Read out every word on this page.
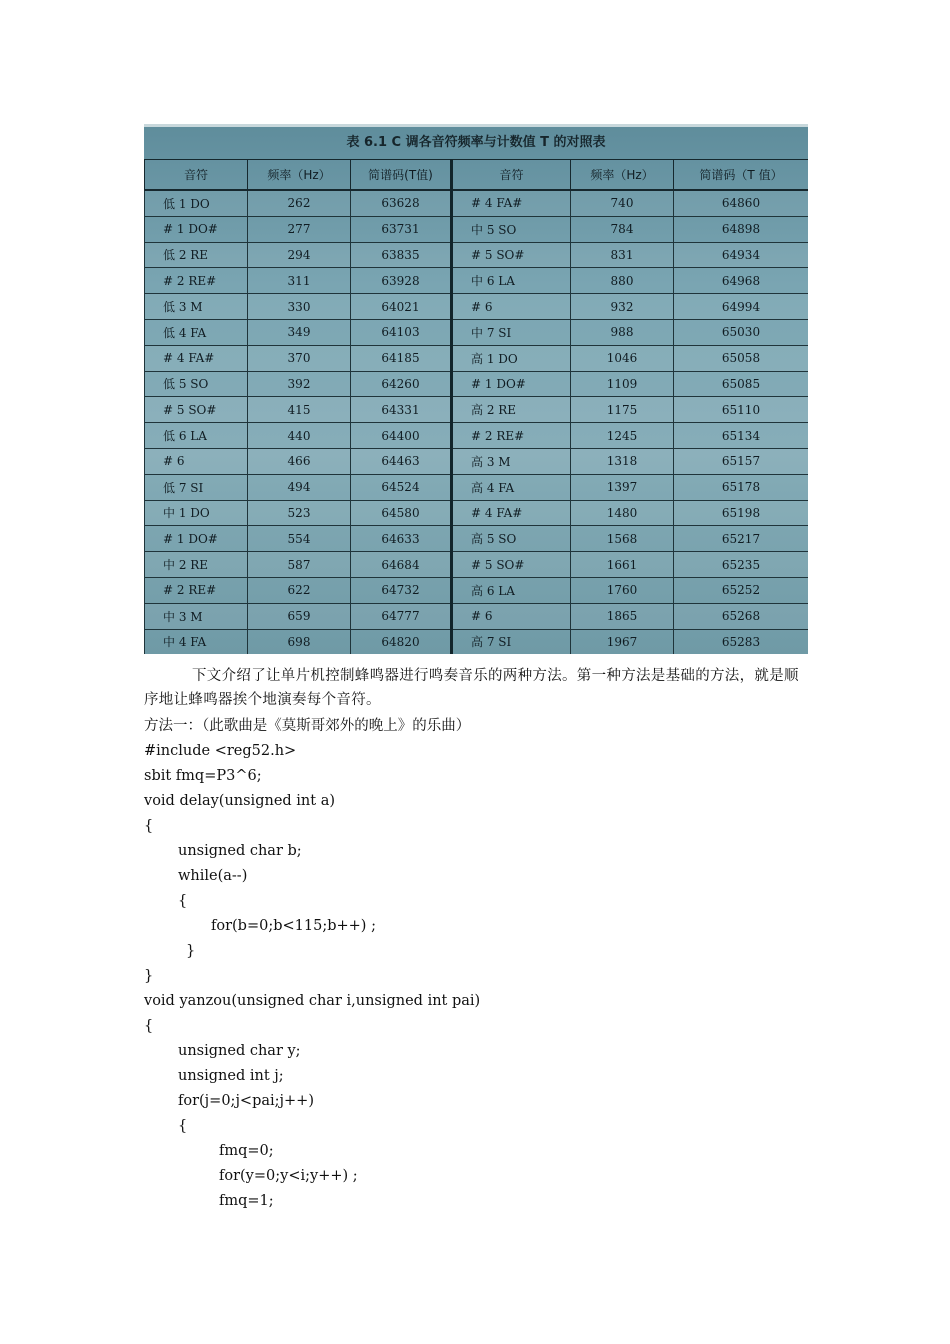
表 6.1 C 调各音符频率与计数值 T 的对照表
音符	频率（Hz）	简谱码(T值)	音符	频率（Hz）	简谱码（T 值）
低 1 DO	262	63628	# 4 FA#	740	64860
# 1 DO#	277	63731	中 5 SO	784	64898
低 2 RE	294	63835	# 5 SO#	831	64934
# 2 RE#	311	63928	中 6 LA	880	64968
低 3 M	330	64021	# 6	932	64994
低 4 FA	349	64103	中 7 SI	988	65030
# 4 FA#	370	64185	高 1 DO	1046	65058
低 5 SO	392	64260	# 1 DO#	1109	65085
# 5 SO#	415	64331	高 2 RE	1175	65110
低 6 LA	440	64400	# 2 RE#	1245	65134
# 6	466	64463	高 3 M	1318	65157
低 7 SI	494	64524	高 4 FA	1397	65178
中 1 DO	523	64580	# 4 FA#	1480	65198
# 1 DO#	554	64633	高 5 SO	1568	65217
中 2 RE	587	64684	# 5 SO#	1661	65235
# 2 RE#	622	64732	高 6 LA	1760	65252
中 3 M	659	64777	# 6	1865	65268
中 4 FA	698	64820	高 7 SI	1967	65283
下文介绍了让单片机控制蜂鸣器进行鸣奏音乐的两种方法。第一种方法是基础的方法，就是顺序地让蜂鸣器挨个地演奏每个音符。
方法一：（此歌曲是《莫斯哥郊外的晚上》的乐曲）
#include <reg52.h>
sbit fmq=P3^6;
void delay(unsigned int a)
{
unsigned char b;
while(a--)
{
for(b=0;b<115;b++) ;
}
}
void yanzou(unsigned char i,unsigned int pai)
{
unsigned char y;
unsigned int j;
for(j=0;j<pai;j++)
{
fmq=0;
for(y=0;y<i;y++) ;
fmq=1;
